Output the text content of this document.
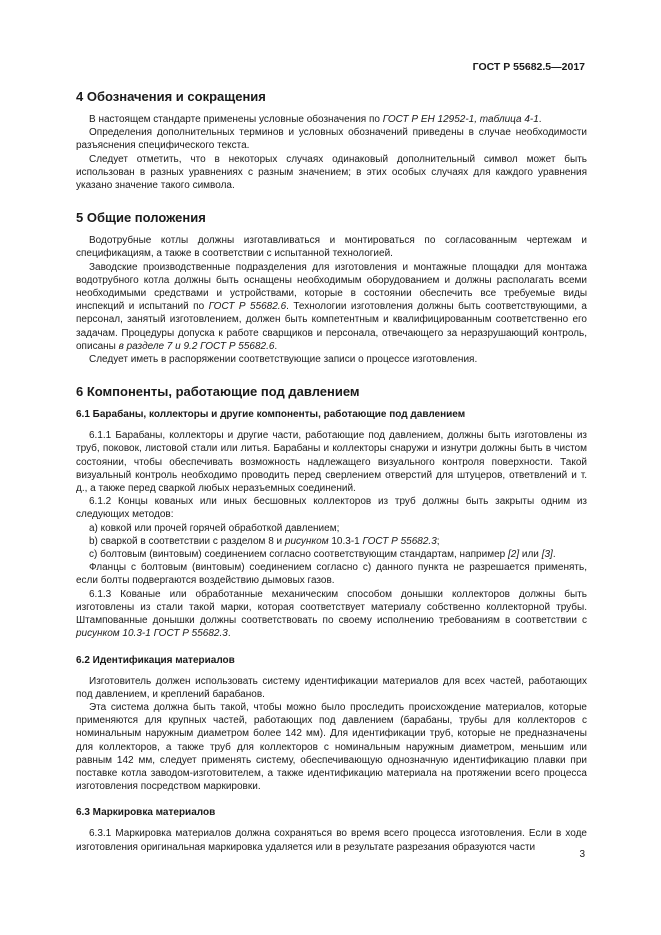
ГОСТ Р 55682.5—2017
4 Обозначения и сокращения

В настоящем стандарте применены условные обозначения по ГОСТ Р ЕН 12952-1, таблица 4-1.

Определения дополнительных терминов и условных обозначений приведены в случае необходимости разъяснения специфического текста.

Следует отметить, что в некоторых случаях одинаковый дополнительный символ может быть использован в разных уравнениях с разным значением; в этих особых случаях для каждого уравнения указано значение такого символа.

5 Общие положения

Водотрубные котлы должны изготавливаться и монтироваться по согласованным чертежам и спецификациям, а также в соответствии с испытанной технологией.

Заводские производственные подразделения для изготовления и монтажные площадки для монтажа водотрубного котла должны быть оснащены необходимым оборудованием и должны располагать всеми необходимыми средствами и устройствами, которые в состоянии обеспечить все требуемые виды инспекций и испытаний по ГОСТ Р 55682.6. Технологии изготовления должны быть соответствующими, а персонал, занятый изготовлением, должен быть компетентным и квалифицированным соответственно его задачам. Процедуры допуска к работе сварщиков и персонала, отвечающего за неразрушающий контроль, описаны в разделе 7 и 9.2 ГОСТ Р 55682.6.

Следует иметь в распоряжении соответствующие записи о процессе изготовления.

6 Компоненты, работающие под давлением
6.1 Барабаны, коллекторы и другие компоненты, работающие под давлением

6.1.1 Барабаны, коллекторы и другие части, работающие под давлением, должны быть изготовлены из труб, поковок, листовой стали или литья. Барабаны и коллекторы снаружи и изнутри должны быть в чистом состоянии, чтобы обеспечивать возможность надлежащего визуального контроля поверхности. Такой визуальный контроль необходимо проводить перед сверлением отверстий для штуцеров, ответвлений и т. д., а также перед сваркой любых неразъемных соединений.

6.1.2 Концы кованых или иных бесшовных коллекторов из труб должны быть закрыты одним из следующих методов:

а) ковкой или прочей горячей обработкой давлением;

b) сваркой в соответствии с разделом 8 и рисунком 10.3-1 ГОСТ Р 55682.3;

c) болтовым (винтовым) соединением согласно соответствующим стандартам, например [2] или [3].

Фланцы с болтовым (винтовым) соединением согласно c) данного пункта не разрешается применять, если болты подвергаются воздействию дымовых газов.

6.1.3 Кованые или обработанные механическим способом донышки коллекторов должны быть изготовлены из стали такой марки, которая соответствует материалу собственно коллекторной трубы. Штампованные донышки должны соответствовать по своему исполнению требованиям в соответствии с рисунком 10.3-1 ГОСТ Р 55682.3.

6.2 Идентификация материалов

Изготовитель должен использовать систему идентификации материалов для всех частей, работающих под давлением, и креплений барабанов.

Эта система должна быть такой, чтобы можно было проследить происхождение материалов, которые применяются для крупных частей, работающих под давлением (барабаны, трубы для коллекторов с номинальным наружным диаметром более 142 мм). Для идентификации труб, которые не предназначены для коллекторов, а также труб для коллекторов с номинальным наружным диаметром, меньшим или равным 142 мм, следует применять систему, обеспечивающую однозначную идентификацию плавки при поставке котла заводом-изготовителем, а также идентификацию материала на протяжении всего процесса изготовления посредством маркировки.

6.3 Маркировка материалов

6.3.1 Маркировка материалов должна сохраняться во время всего процесса изготовления. Если в ходе изготовления оригинальная маркировка удаляется или в результате разрезания образуются части

3
